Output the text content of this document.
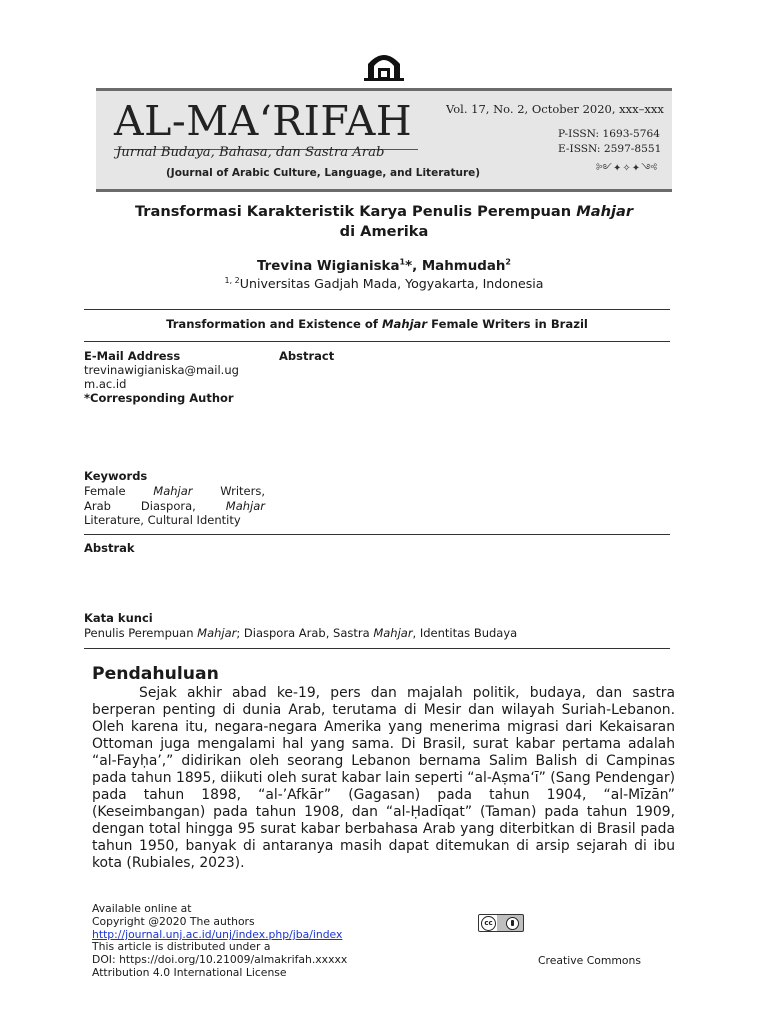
AL-MA‘RIFAH
Jurnal Budaya, Bahasa, dan Sastra Arab
(Journal of Arabic Culture, Language, and Literature)
Vol. 17, No. 2, October 2020, xxx–xxx
P-ISSN: 1693-5764
E-ISSN: 2597-8551
༻✦✧✦༺
Transformasi Karakteristik Karya Penulis Perempuan Mahjar
di Amerika
Trevina Wigianiska$^1$*, Mahmudah$^2$
$^{1, 2}$Universitas Gadjah Mada, Yogyakarta, Indonesia
Transformation and Existence of Mahjar Female Writers in Brazil
E-Mail Address	Abstract
trevinawigianiska@mail.ug
m.ac.id
*Corresponding Author
Keywords
Female Mahjar Writers,
Arab Diaspora, Mahjar
Literature, Cultural Identity
Abstrak
Kata kunci
Penulis Perempuan Mahjar; Diaspora Arab, Sastra Mahjar, Identitas Budaya
Pendahuluan
Sejak akhir abad ke-19, pers dan majalah politik, budaya, dan sastra berperan penting di dunia Arab, terutama di Mesir dan wilayah Suriah-Lebanon. Oleh karena itu, negara-negara Amerika yang menerima migrasi dari Kekaisaran Ottoman juga mengalami hal yang sama. Di Brasil, surat kabar pertama adalah “al-Fayḥa’,” didirikan oleh seorang Lebanon bernama Salim Balish di Campinas pada tahun 1895, diikuti oleh surat kabar lain seperti “al-Aṣma‘ī” (Sang Pendengar) pada tahun 1898, “al-’Afkār” (Gagasan) pada tahun 1904, “al-Mīzān” (Keseimbangan) pada tahun 1908, dan “al-Ḥadīqat” (Taman) pada tahun 1909, dengan total hingga 95 surat kabar berbahasa Arab yang diterbitkan di Brasil pada tahun 1950, banyak di antaranya masih dapat ditemukan di arsip sejarah di ibu kota (Rubiales, 2023).
Available online at
Copyright @2020 The authors
http://journal.unj.ac.id/unj/index.php/jba/index
This article is distributed under a
DOI: https://doi.org/10.21009/almakrifah.xxxxx
Attribution 4.0 International License
cc
Creative Commons
